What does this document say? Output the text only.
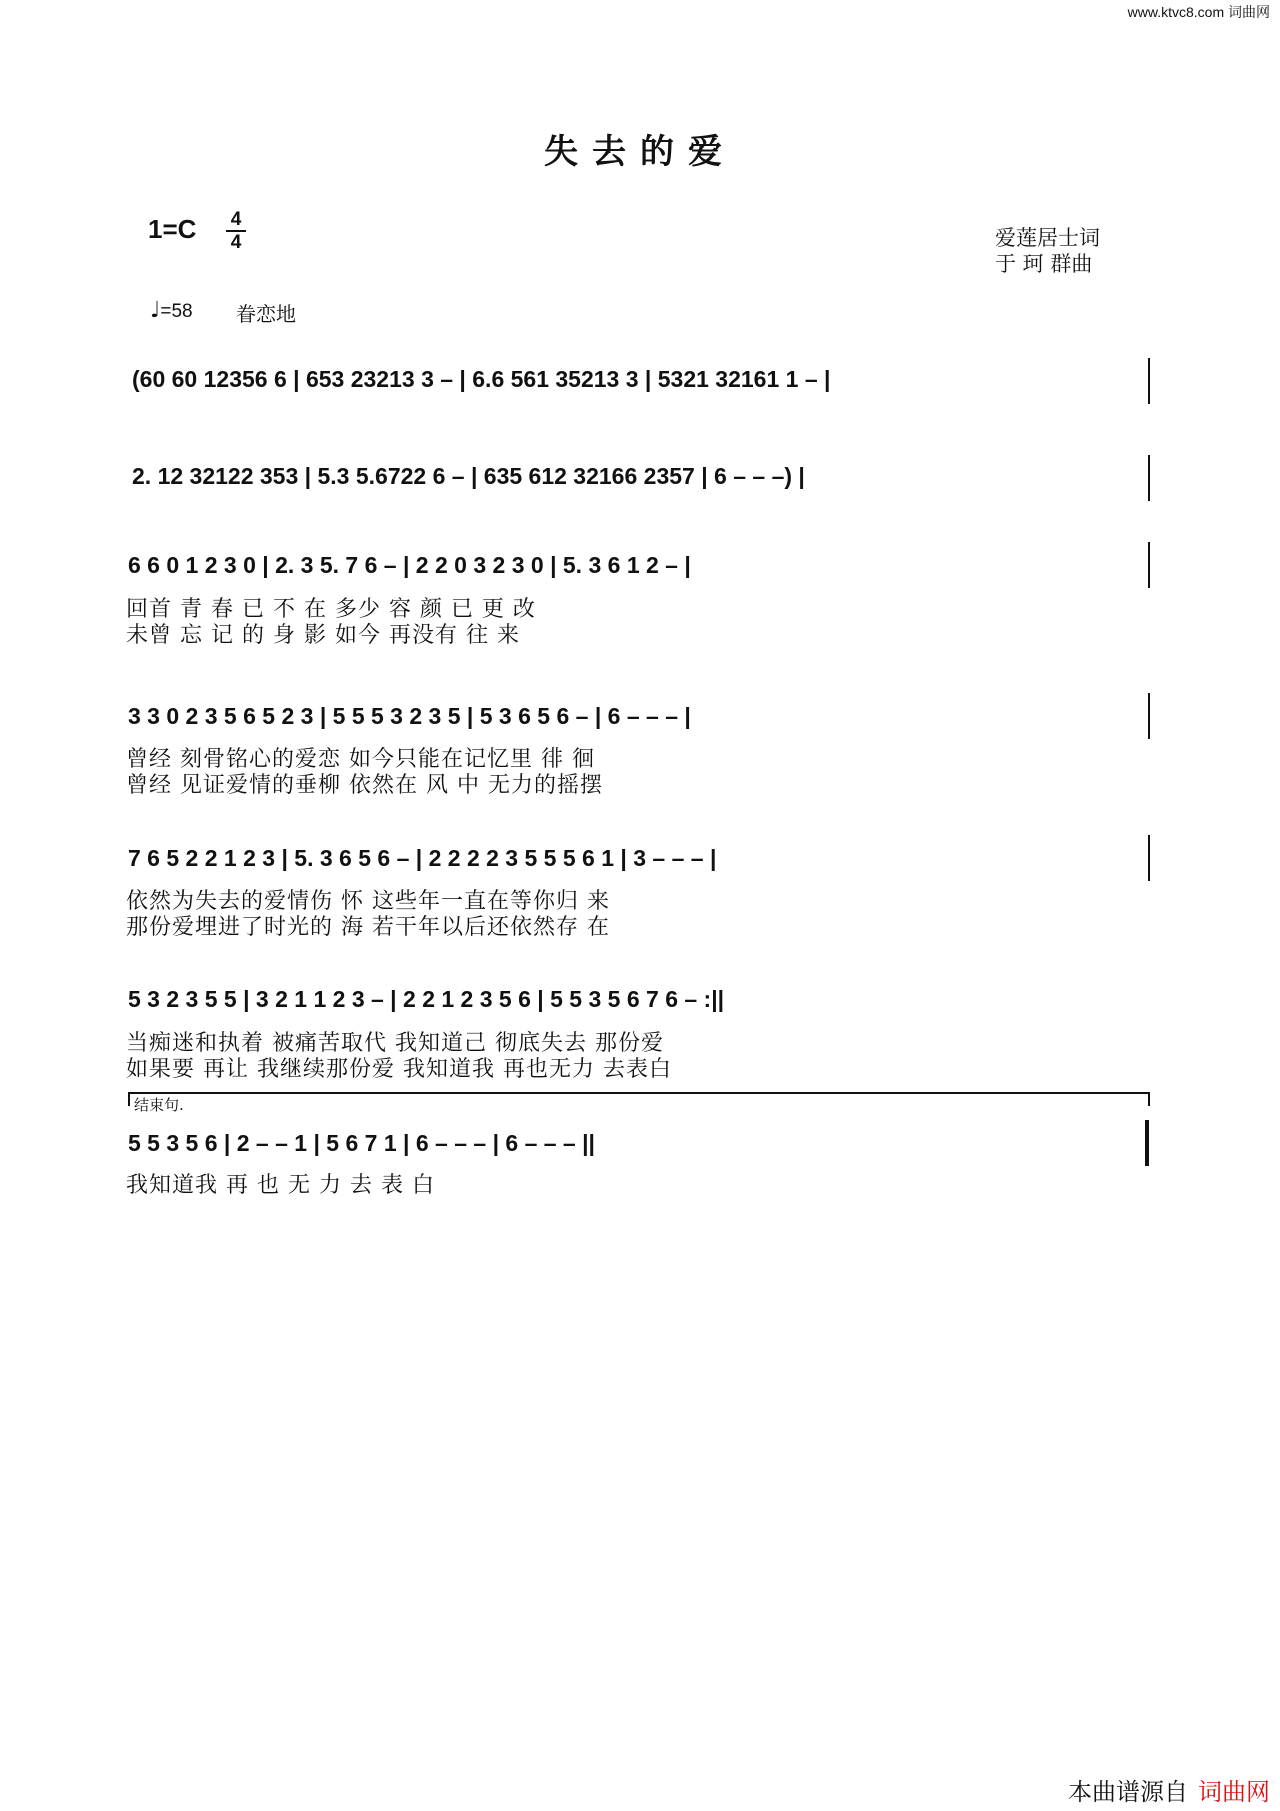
www.ktvc8.com 词曲网
失去的爱
1=C 4
4	爱莲居士词
于 珂 群曲
♩=58 眷恋地
(60 60 12356 6 | 653 23213 3 – | 6.6 561 35213 3 | 5321 32161 1 – |
2. 12 32122 353 | 5.3 5.6722 6 – | 635 612 32166 2357 | 6 – – –) |
6 6 0 1 2 3 0 | 2. 3 5. 7 6 – | 2 2 0 3 2 3 0 | 5. 3 6 1 2 – |
回首 青 春 已 不 在 多少 容 颜 已 更 改
未曾 忘 记 的 身 影 如今 再没有 往 来
3 3 0 2 3 5 6 5 2 3 | 5 5 5 3 2 3 5 | 5 3 6 5 6 – | 6 – – – |
曾经 刻骨铭心的爱恋 如今只能在记忆里 徘 徊
曾经 见证爱情的垂柳 依然在 风 中 无力的摇摆
7 6 5 2 2 1 2 3 | 5. 3 6 5 6 – | 2 2 2 2 3 5 5 5 6 1 | 3 – – – |
依然为失去的爱情伤 怀 这些年一直在等你归 来
那份爱埋进了时光的 海 若干年以后还依然存 在
5 3 2 3 5 5 | 3 2 1 1 2 3 – | 2 2 1 2 3 5 6 | 5 5 3 5 6 7 6 – :||
当痴迷和执着 被痛苦取代 我知道己 彻底失去 那份爱
如果要 再让 我继续那份爱 我知道我 再也无力 去表白
结束句.
5 5 3 5 6 | 2 – – 1 | 5 6 7 1 | 6 – – – | 6 – – – ||
我知道我 再 也 无 力 去 表 白
本曲谱源自 词曲网
